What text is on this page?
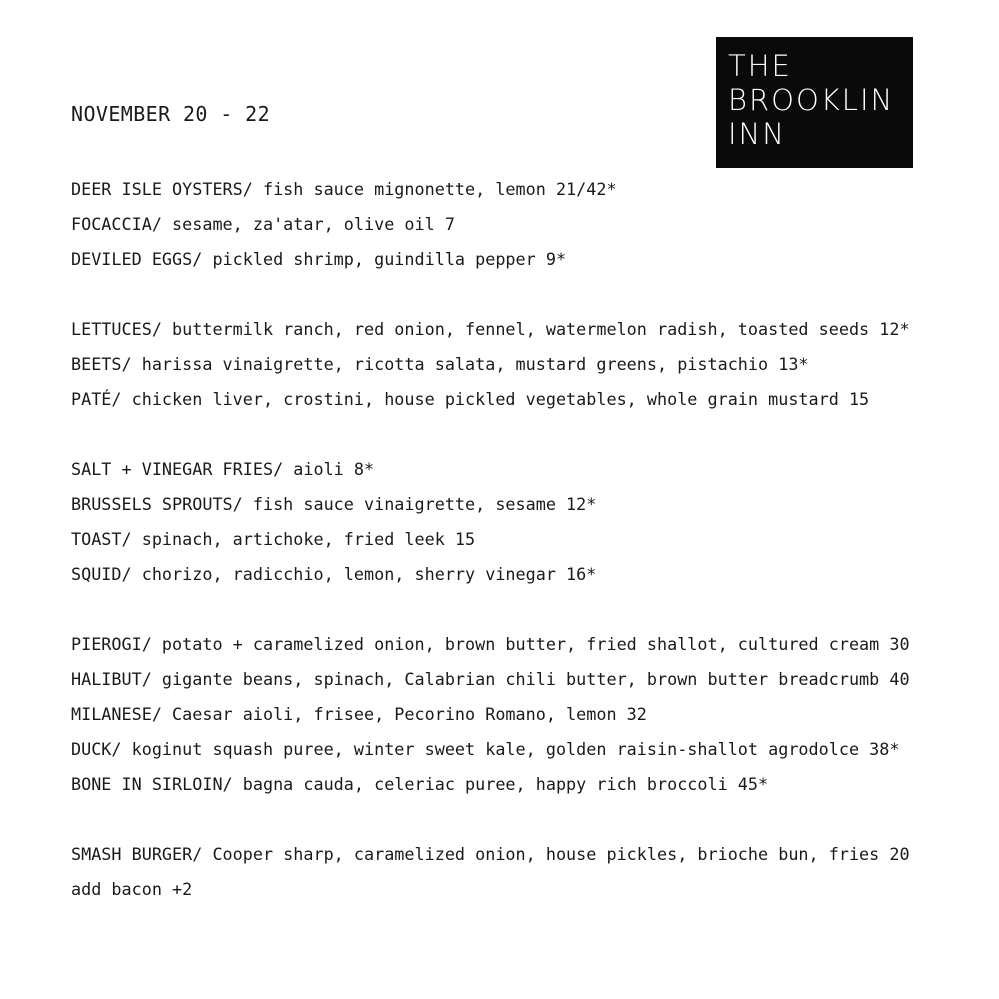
THE
BROOKLIN
INN
NOVEMBER 20 - 22
DEER ISLE OYSTERS/ fish sauce mignonette, lemon 21/42*
FOCACCIA/ sesame, za'atar, olive oil 7
DEVILED EGGS/ pickled shrimp, guindilla pepper 9*
LETTUCES/ buttermilk ranch, red onion, fennel, watermelon radish, toasted seeds 12*
BEETS/ harissa vinaigrette, ricotta salata, mustard greens, pistachio 13*
PATÉ/ chicken liver, crostini, house pickled vegetables, whole grain mustard 15
SALT + VINEGAR FRIES/ aioli 8*
BRUSSELS SPROUTS/ fish sauce vinaigrette, sesame 12*
TOAST/ spinach, artichoke, fried leek 15
SQUID/ chorizo, radicchio, lemon, sherry vinegar 16*
PIEROGI/ potato + caramelized onion, brown butter, fried shallot, cultured cream 30
HALIBUT/ gigante beans, spinach, Calabrian chili butter, brown butter breadcrumb 40
MILANESE/ Caesar aioli, frisee, Pecorino Romano, lemon 32
DUCK/ koginut squash puree, winter sweet kale, golden raisin-shallot agrodolce 38*
BONE IN SIRLOIN/ bagna cauda, celeriac puree, happy rich broccoli 45*
SMASH BURGER/ Cooper sharp, caramelized onion, house pickles, brioche bun, fries 20
add bacon +2
